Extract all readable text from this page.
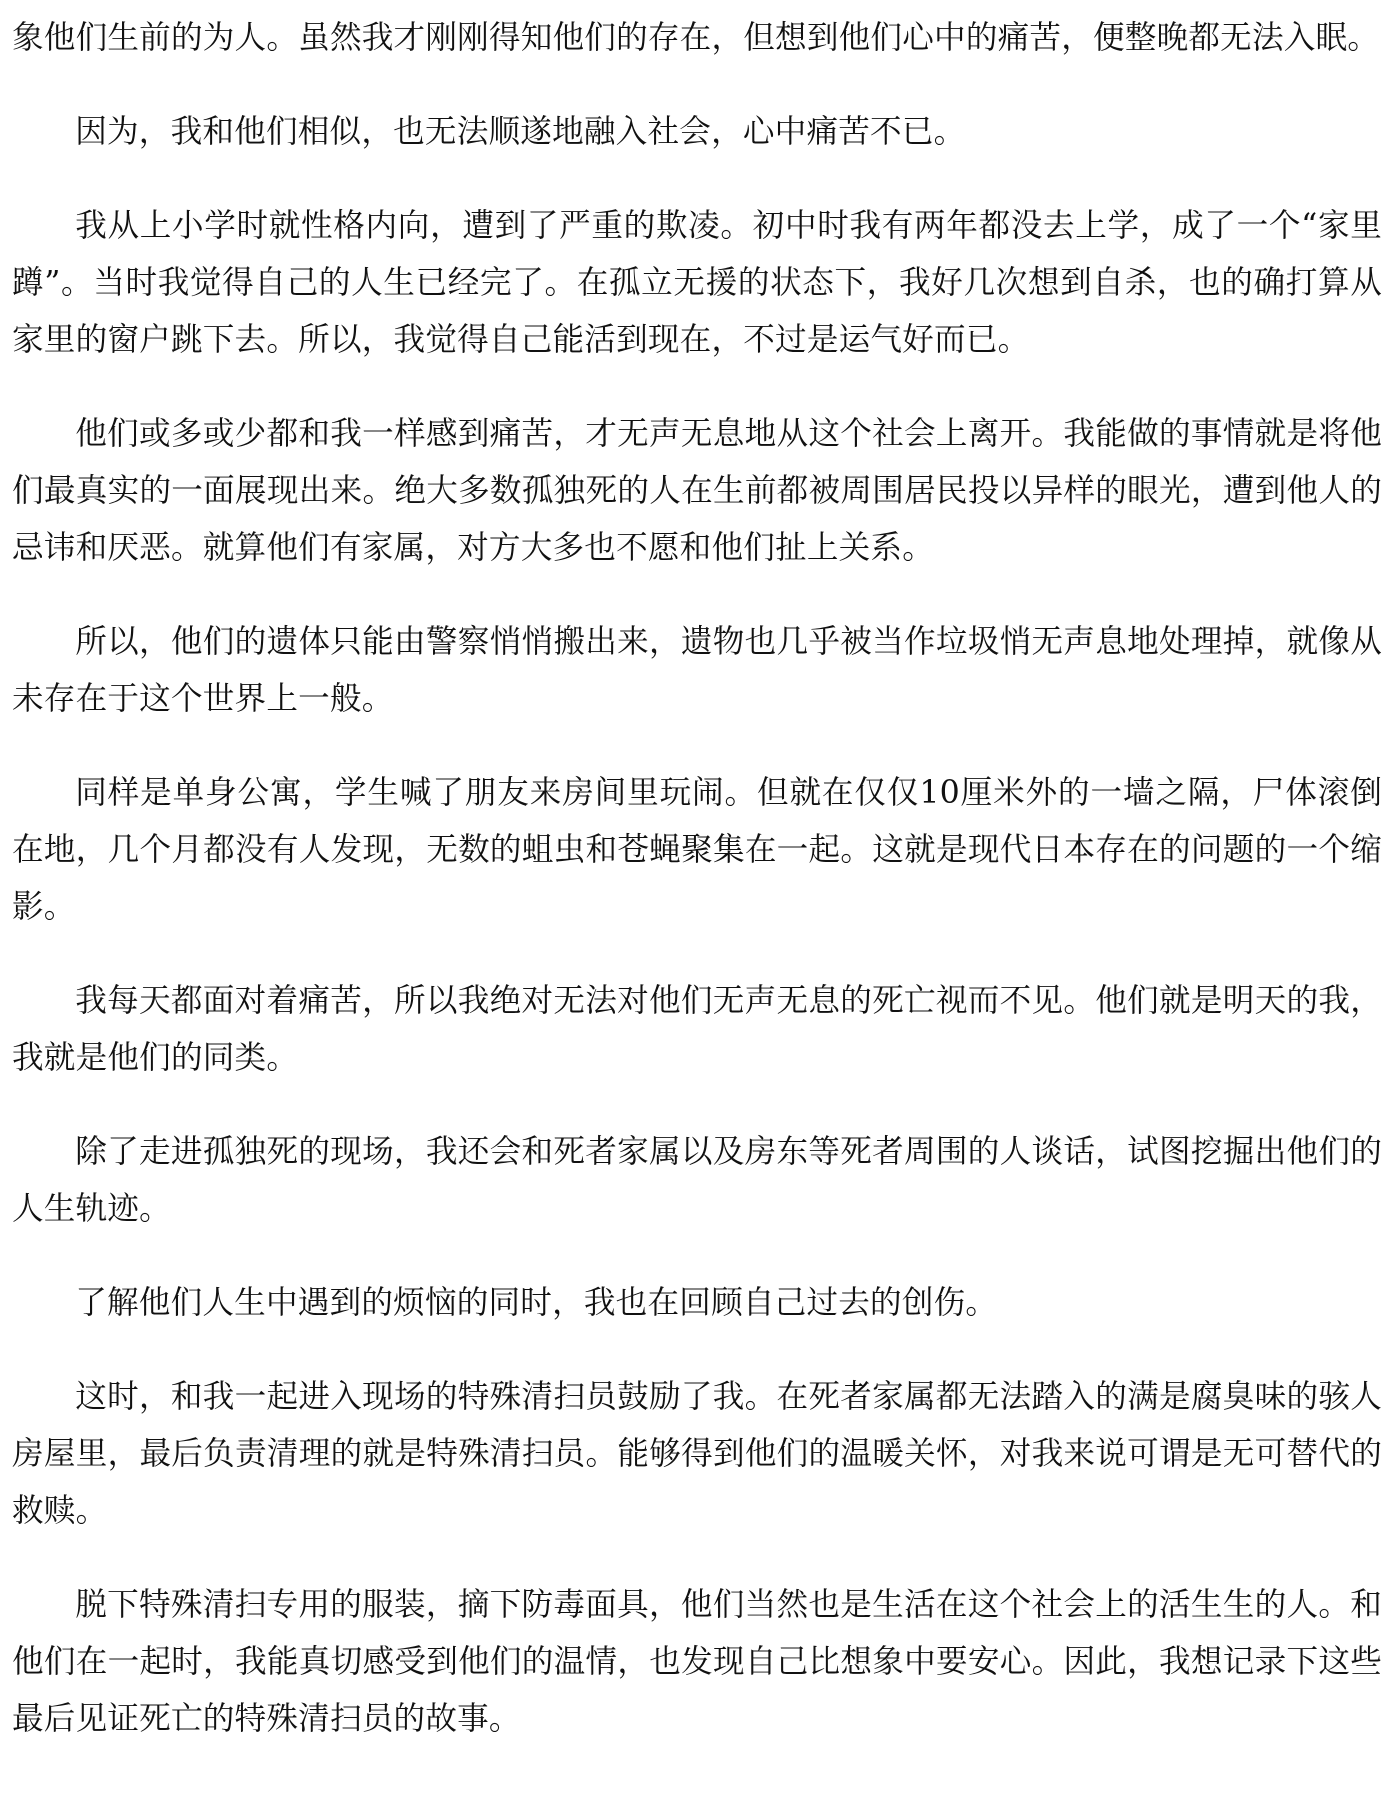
象他们生前的为人。虽然我才刚刚得知他们的存在，但想到他们心中的痛苦，便整晚都无法入眠。

因为，我和他们相似，也无法顺遂地融入社会，心中痛苦不已。

我从上小学时就性格内向，遭到了严重的欺凌。初中时我有两年都没去上学，成了一个“家里蹲”。当时我觉得自己的人生已经完了。在孤立无援的状态下，我好几次想到自杀，也的确打算从家里的窗户跳下去。所以，我觉得自己能活到现在，不过是运气好而已。

他们或多或少都和我一样感到痛苦，才无声无息地从这个社会上离开。我能做的事情就是将他们最真实的一面展现出来。绝大多数孤独死的人在生前都被周围居民投以异样的眼光，遭到他人的忌讳和厌恶。就算他们有家属，对方大多也不愿和他们扯上关系。

所以，他们的遗体只能由警察悄悄搬出来，遗物也几乎被当作垃圾悄无声息地处理掉，就像从未存在于这个世界上一般。

同样是单身公寓，学生喊了朋友来房间里玩闹。但就在仅仅10厘米外的一墙之隔，尸体滚倒在地，几个月都没有人发现，无数的蛆虫和苍蝇聚集在一起。这就是现代日本存在的问题的一个缩影。

我每天都面对着痛苦，所以我绝对无法对他们无声无息的死亡视而不见。他们就是明天的我，我就是他们的同类。

除了走进孤独死的现场，我还会和死者家属以及房东等死者周围的人谈话，试图挖掘出他们的人生轨迹。

了解他们人生中遇到的烦恼的同时，我也在回顾自己过去的创伤。

这时，和我一起进入现场的特殊清扫员鼓励了我。在死者家属都无法踏入的满是腐臭味的骇人房屋里，最后负责清理的就是特殊清扫员。能够得到他们的温暖关怀，对我来说可谓是无可替代的救赎。

脱下特殊清扫专用的服装，摘下防毒面具，他们当然也是生活在这个社会上的活生生的人。和他们在一起时，我能真切感受到他们的温情，也发现自己比想象中要安心。因此，我想记录下这些最后见证死亡的特殊清扫员的故事。
